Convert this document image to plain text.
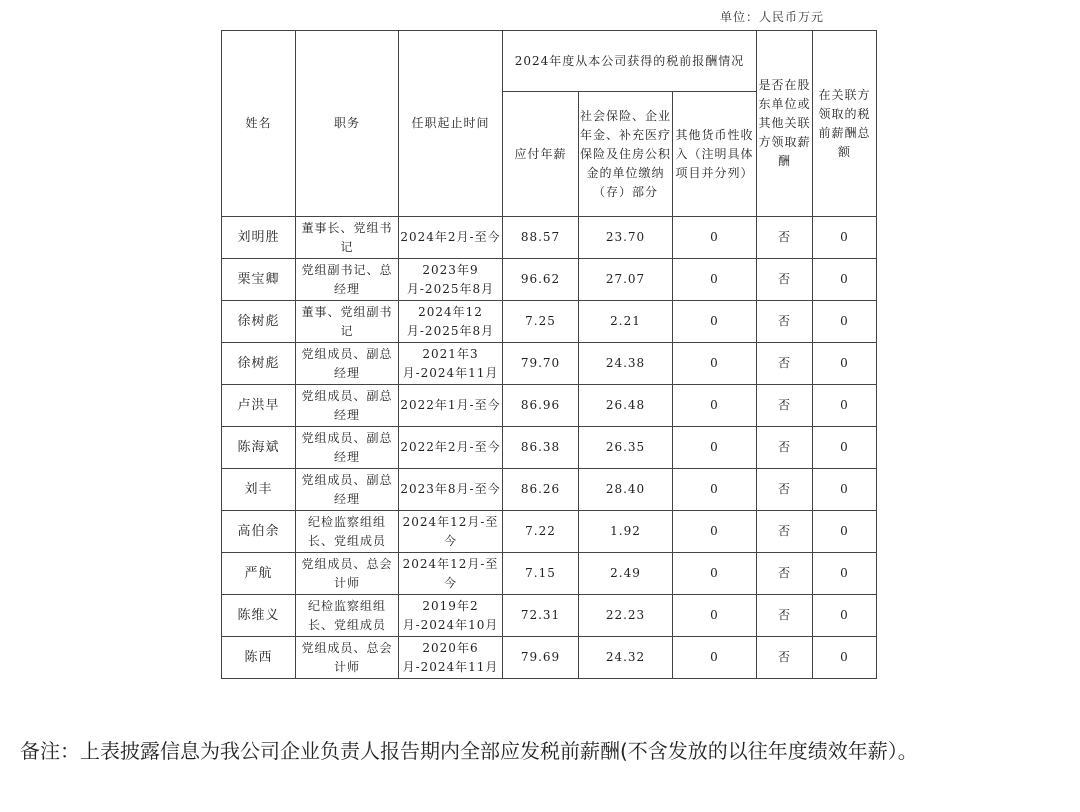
单位：人民币万元
姓名	职务	任职起止时间	2024年度从本公司获得的税前报酬情况			是否在股东单位或其他关联方领取薪酬	在关联方领取的税前薪酬总额
			应付年薪	社会保险、企业年金、补充医疗保险及住房公积金的单位缴纳（存）部分	其他货币性收入（注明具体项目并分列）		
刘明胜	董事长、党组书记	2024年2月-至今	88.57	23.70	0	否	0
栗宝卿	党组副书记、总经理	2023年9月-2025年8月	96.62	27.07	0	否	0
徐树彪	董事、党组副书记	2024年12月-2025年8月	7.25	2.21	0	否	0
徐树彪	党组成员、副总经理	2021年3月-2024年11月	79.70	24.38	0	否	0
卢洪早	党组成员、副总经理	2022年1月-至今	86.96	26.48	0	否	0
陈海斌	党组成员、副总经理	2022年2月-至今	86.38	26.35	0	否	0
刘丰	党组成员、副总经理	2023年8月-至今	86.26	28.40	0	否	0
高伯余	纪检监察组组长、党组成员	2024年12月-至今	7.22	1.92	0	否	0
严航	党组成员、总会计师	2024年12月-至今	7.15	2.49	0	否	0
陈维义	纪检监察组组长、党组成员	2019年2月-2024年10月	72.31	22.23	0	否	0
陈西	党组成员、总会计师	2020年6月-2024年11月	79.69	24.32	0	否	0
备注：上表披露信息为我公司企业负责人报告期内全部应发税前薪酬(不含发放的以往年度绩效年薪）。
